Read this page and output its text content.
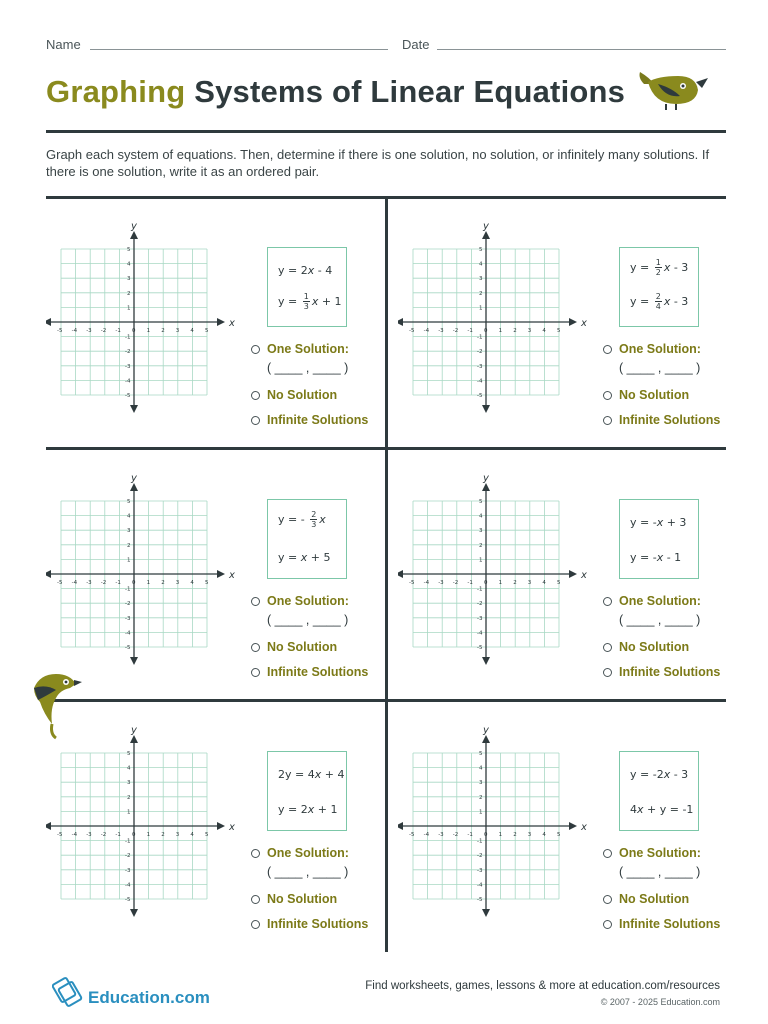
Name	Date
Graphing Systems of Linear Equations
Graph each system of equations. Then, determine if there is one solution, no solution, or infinitely many solutions. If there is one solution, write it as an ordered pair.
x
y
-5 -4 -3 -2 -1 0 1 2 3 4 5
5
4
3
2
1
-1
-2
-3
-4
-5
y = 2x - 4
$y = \frac{1}{3}$ x + 1
One Solution:
( ____ , ____ )
No Solution
Infinite Solutions
x
y
-5 -4 -3 -2 -1 0 1 2 3 4 5
5
4
3
2
1
-1
-2
-3
-4
-5
$y = \frac{1}{2}$ x - 3
$y = \frac{2}{4}$ x - 3
One Solution:
( ____ , ____ )
No Solution
Infinite Solutions
x
y
-5 -4 -3 -2 -1 0 1 2 3 4 5
5
4
3
2
1
-1
-2
-3
-4
-5
y = - $\frac{2}{3}$ x
y = x + 5
One Solution:
( ____ , ____ )
No Solution
Infinite Solutions
x
y
-5 -4 -3 -2 -1 0 1 2 3 4 5
5
4
3
2
1
-1
-2
-3
-4
-5
y = -x + 3
y = -x - 1
One Solution:
( ____ , ____ )
No Solution
Infinite Solutions
x
y
-5 -4 -3 -2 -1 0 1 2 3 4 5
5
4
3
2
1
-1
-2
-3
-4
-5
2y = 4x + 4
y = 2x + 1
One Solution:
( ____ , ____ )
No Solution
Infinite Solutions
x
y
-5 -4 -3 -2 -1 0 1 2 3 4 5
5
4
3
2
1
-1
-2
-3
-4
-5
y = -2x - 3
4x + y = -1
One Solution:
( ____ , ____ )
No Solution
Infinite Solutions
Education.com
Find worksheets, games, lessons & more at education.com/resources
© 2007 - 2025 Education.com
